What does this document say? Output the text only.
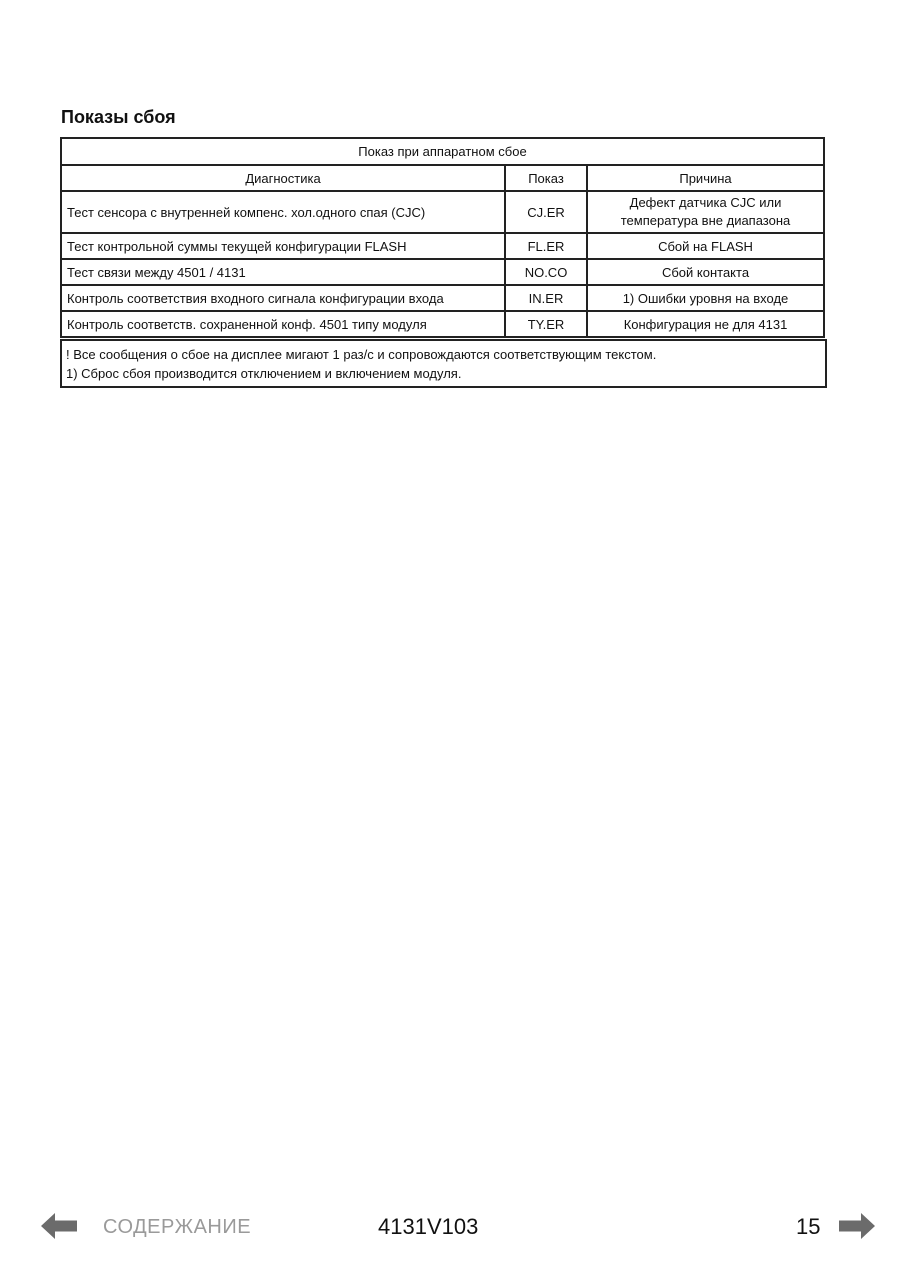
Показы сбоя
Показ при аппаратном сбое		
Диагностика	Показ	Причина
Тест сенсора с внутренней компенс. хол.одного спая (CJC)	CJ.ER	Дефект датчика CJC или
температура вне диапазона

Тест контрольной суммы текущей конфигурации FLASH	FL.ER	Сбой на FLASH
Тест связи между 4501 / 4131	NO.CO	Сбой контакта
Контроль соответствия входного сигнала конфигурации входа	IN.ER	1) Ошибки уровня на входе
Контроль соответств. сохраненной конф. 4501 типу модуля	TY.ER	Конфигурация не для 4131
! Все сообщения о сбое на дисплее мигают 1 раз/с и сопровождаются соответствующим текстом.
1) Сброс сбоя производится отключением и включением модуля.
СОДЕРЖАНИЕ	4131V103	15
